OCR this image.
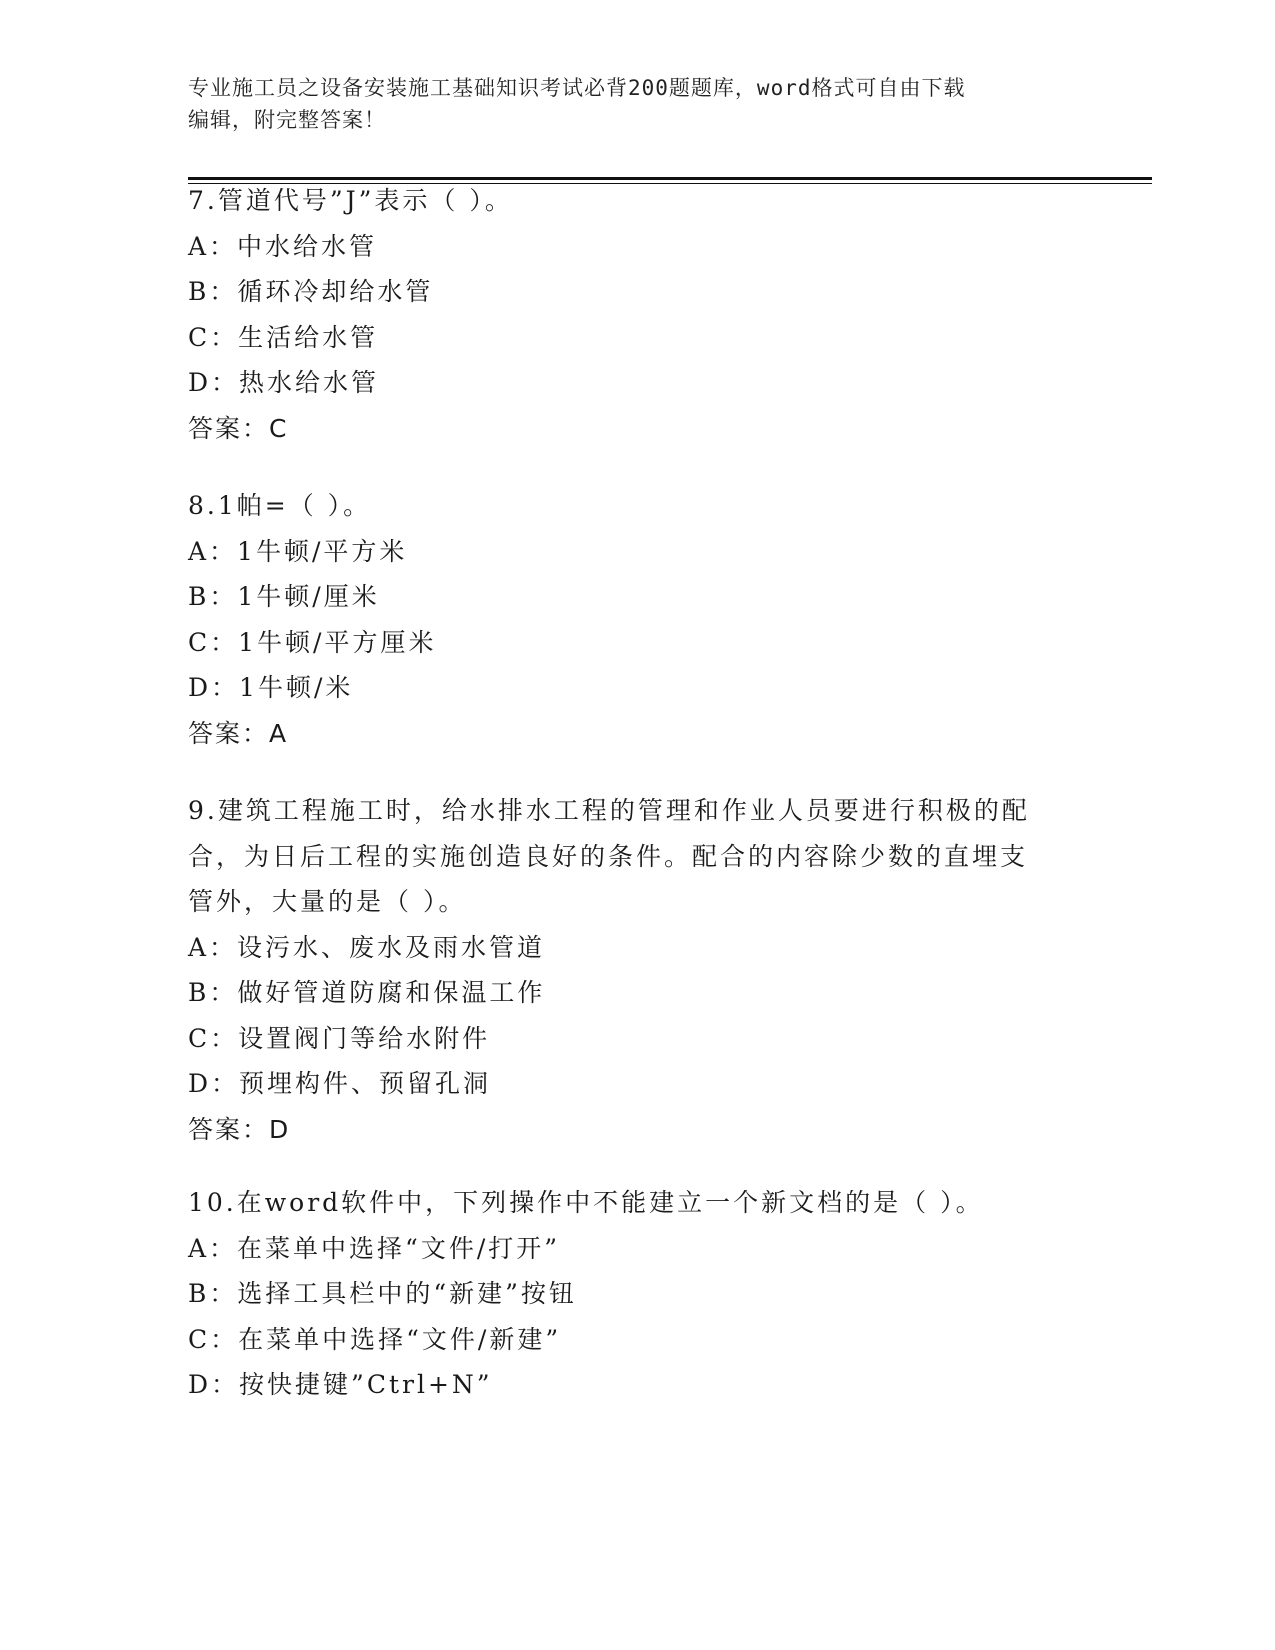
专业施工员之设备安装施工基础知识考试必背200题题库，word格式可自由下载
编辑，附完整答案！
7.管道代号”J”表示（ ）。
A：中水给水管
B：循环冷却给水管
C：生活给水管
D：热水给水管
答案：C
8.1帕=（ ）。
A：1牛顿/平方米
B：1牛顿/厘米
C：1牛顿/平方厘米
D：1牛顿/米
答案：A
9.建筑工程施工时，给水排水工程的管理和作业人员要进行积极的配
合，为日后工程的实施创造良好的条件。配合的内容除少数的直埋支
管外，大量的是（ ）。
A：设污水、废水及雨水管道
B：做好管道防腐和保温工作
C：设置阀门等给水附件
D：预埋构件、预留孔洞
答案：D
10.在word软件中，下列操作中不能建立一个新文档的是（ ）。
A：在菜单中选择“文件/打开”
B：选择工具栏中的“新建”按钮
C：在菜单中选择“文件/新建”
D：按快捷键”Ctrl+N”
